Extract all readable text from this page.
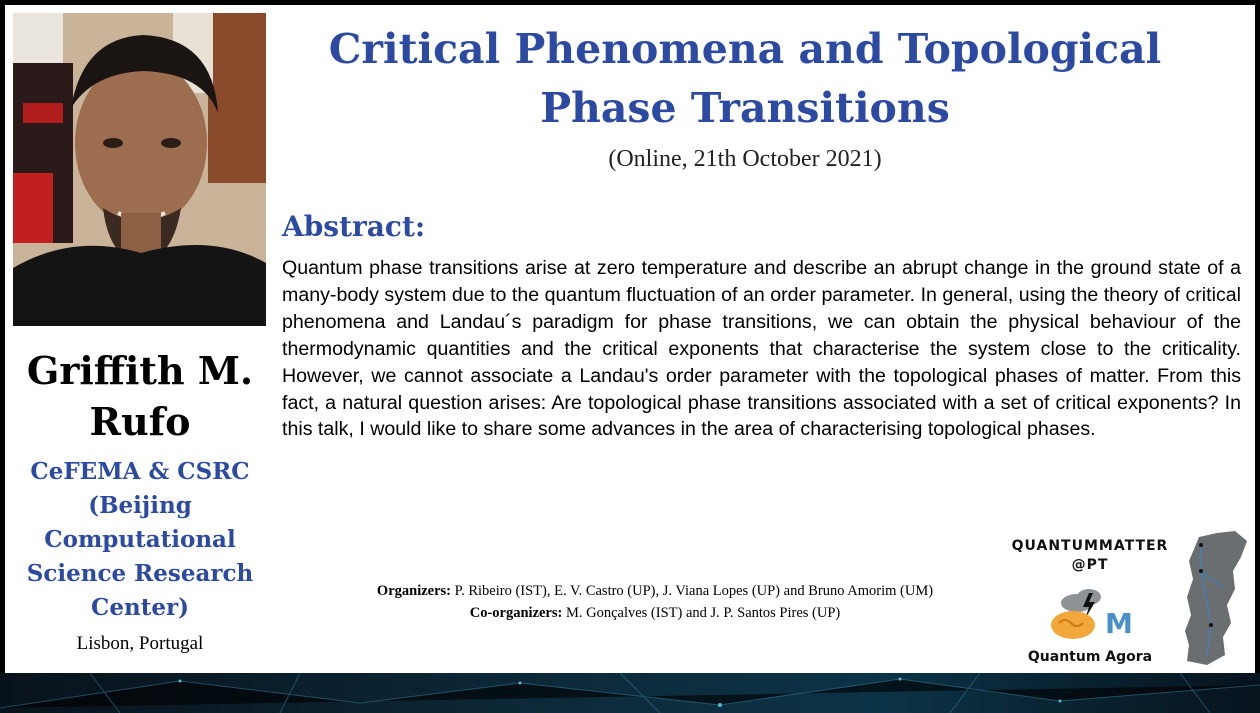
Griffith M. Rufo
CeFEMA & CSRC (Beijing Computational Science Research Center)
Lisbon, Portugal
Critical Phenomena and Topological Phase Transitions
(Online, 21th October 2021)
Abstract:
Quantum phase transitions arise at zero temperature and describe an abrupt change in the ground state of a many-body system due to the quantum fluctuation of an order parameter. In general, using the theory of critical phenomena and Landau´s paradigm for phase transitions, we can obtain the physical behaviour of the thermodynamic quantities and the critical exponents that characterise the system close to the criticality. However, we cannot associate a Landau's order parameter with the topological phases of matter. From this fact, a natural question arises: Are topological phase transitions associated with a set of critical exponents? In this talk, I would like to share some advances in the area of characterising topological phases.
Organizers: P. Ribeiro (IST), E. V. Castro (UP), J. Viana Lopes (UP) and Bruno Amorim (UM)
Co-organizers: M. Gonçalves (IST) and J. P. Santos Pires (UP)
QUANTUMMATTER
@PT
M
Quantum Agora
